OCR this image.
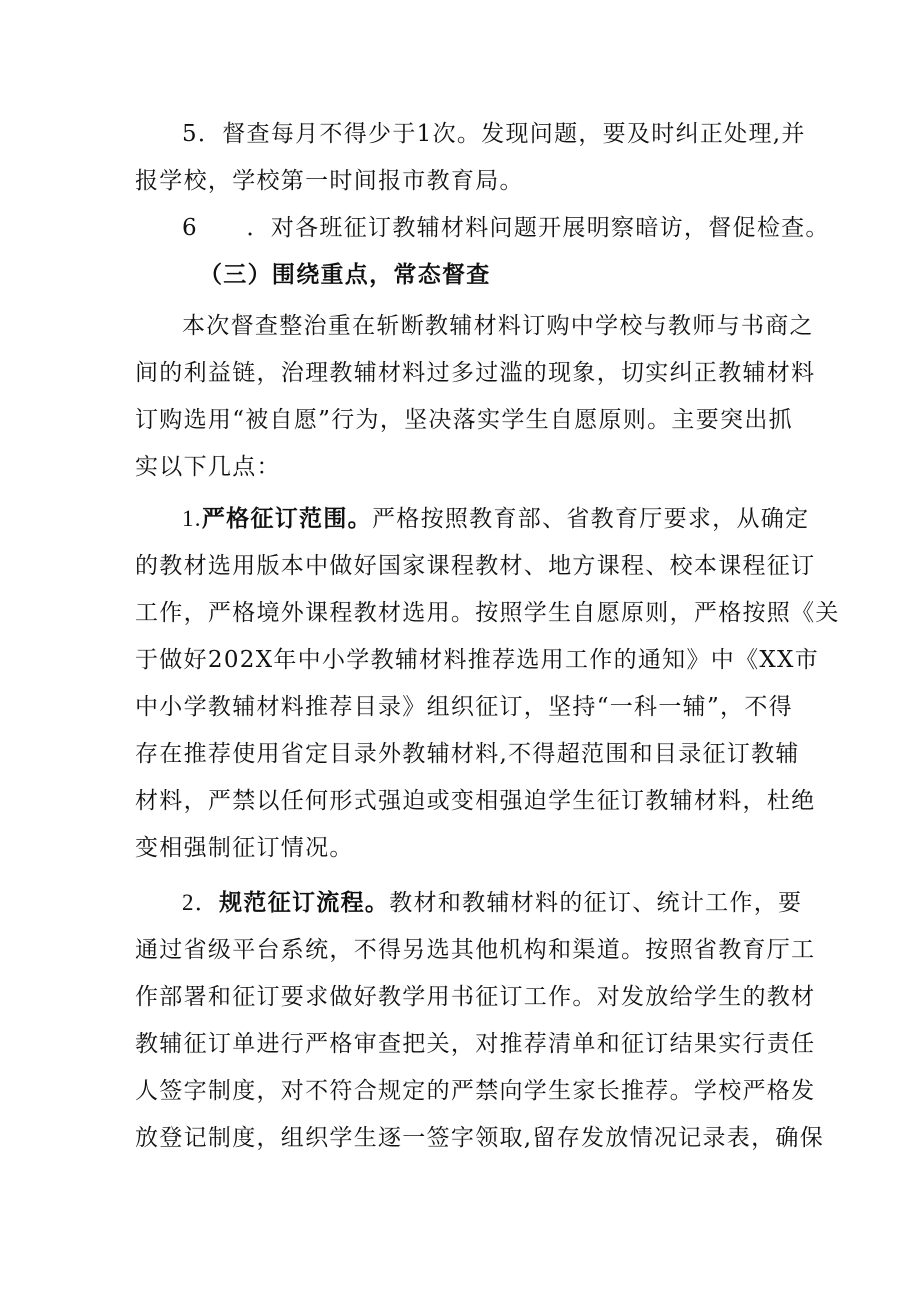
5．督查每月不得少于1次。发现问题，要及时纠正处理,并
报学校，学校第一时间报市教育局。
6　　．对各班征订教辅材料问题开展明察暗访，督促检查。
（三）围绕重点，常态督查
本次督查整治重在斩断教辅材料订购中学校与教师与书商之
间的利益链，治理教辅材料过多过滥的现象，切实纠正教辅材料
订购选用“被自愿”行为，坚决落实学生自愿原则。主要突出抓
实以下几点：
1.严格征订范围。严格按照教育部、省教育厅要求，从确定
的教材选用版本中做好国家课程教材、地方课程、校本课程征订
工作，严格境外课程教材选用。按照学生自愿原则，严格按照《关
于做好202X年中小学教辅材料推荐选用工作的通知》中《XX市
中小学教辅材料推荐目录》组织征订，坚持“一科一辅”，不得
存在推荐使用省定目录外教辅材料,不得超范围和目录征订教辅
材料，严禁以任何形式强迫或变相强迫学生征订教辅材料，杜绝
变相强制征订情况。
2．规范征订流程。教材和教辅材料的征订、统计工作，要
通过省级平台系统，不得另选其他机构和渠道。按照省教育厅工
作部署和征订要求做好教学用书征订工作。对发放给学生的教材
教辅征订单进行严格审查把关，对推荐清单和征订结果实行责任
人签字制度，对不符合规定的严禁向学生家长推荐。学校严格发
放登记制度，组织学生逐一签字领取,留存发放情况记录表，确保
